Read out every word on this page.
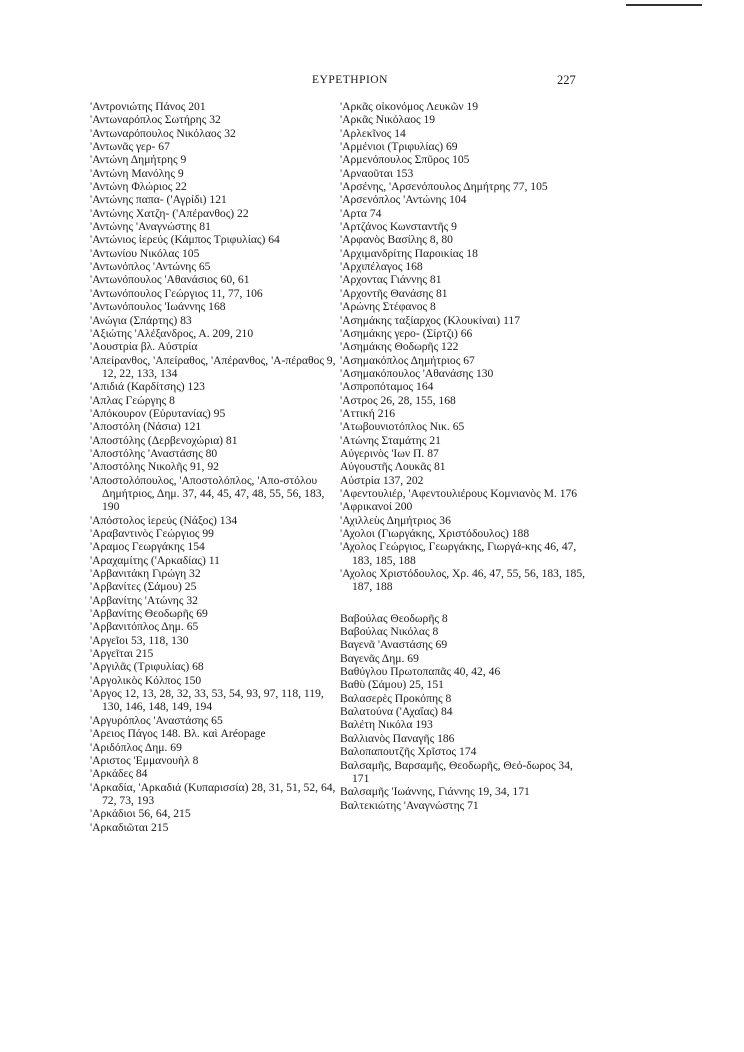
ΕΥΡΕΤΗΡΙΟΝ	227
'Αντρονιώτης Πάνος 201
'Αντωναρόπλος Σωτήρης 32
'Αντωναρόπουλος Νικόλαος 32
'Αντωνᾶς γερ- 67
'Αντώνη Δημήτρης 9
'Αντώνη Μανόλης 9
'Αντώνη Φλώριος 22
'Αντώνης παπα- ('Αγρίδι) 121
'Αντώνης Χατζη- ('Απέρανθος) 22
'Αντώνης 'Αναγνώστης 81
'Αντώνιος ἱερεύς (Κάμπος Τριφυλίας) 64
'Αντωνίου Νικόλας 105
'Αντωνόπλος 'Αντώνης 65
'Αντωνόπουλος 'Αθανάσιος 60, 61
'Αντωνόπουλος Γεώργιος 11, 77, 106
'Αντωνόπουλος 'Ιωάννης 168
'Ανώγια (Σπάρτης) 83
'Αξιώτης 'Αλέξανδρος, Α. 209, 210
'Αουστρία βλ. Αὐστρία
'Απείρανθος, 'Απείραθος, 'Απέρανθος, 'Α-πέραθος 9, 12, 22, 133, 134
'Απιδιά (Καρδίτσης) 123
'Απλας Γεώργης 8
'Απόκουρον (Εὐρυτανίας) 95
'Αποστόλη (Νάσια) 121
'Αποστόλης (Δερβενοχώρια) 81
'Αποστόλης 'Αναστάσης 80
'Αποστόλης Νικολῆς 91, 92
'Αποστολόπουλος, 'Αποστολόπλος, 'Απο-στόλου Δημήτριος, Δημ. 37, 44, 45, 47, 48, 55, 56, 183, 190
'Απόστολος ἱερεύς (Νάξος) 134
'Αραβαντινὸς Γεώργιος 99
'Αραμος Γεωργάκης 154
'Αραχαμίτης ('Αρκαδίας) 11
'Αρβανιτάκη Γιρώγη 32
'Αρβανίτες (Σάμου) 25
'Αρβανίτης 'Ατώνης 32
'Αρβανίτης Θεοδωρῆς 69
'Αρβανιτόπλος Δημ. 65
'Αργεῖοι 53, 118, 130
'Αργεῖται 215
'Αργιλᾶς (Τριφυλίας) 68
'Αργολικὸς Κόλπος 150
'Αργος 12, 13, 28, 32, 33, 53, 54, 93, 97, 118, 119, 130, 146, 148, 149, 194
'Αργυρόπλος 'Αναστάσης 65
'Αρειος Πάγος 148. Βλ. καὶ Aréopage
'Αριδόπλος Δημ. 69
'Αριστος 'Εμμανουὴλ 8
'Αρκάδες 84
'Αρκαδία, 'Αρκαδιά (Κυπαρισσία) 28, 31, 51, 52, 64, 72, 73, 193
'Αρκάδιοι 56, 64, 215
'Αρκαδιῶται 215
'Αρκᾶς οἰκονόμος Λευκῶν 19
'Αρκᾶς Νικόλαος 19
'Αρλεκῖνος 14
'Αρμένιοι (Τριφυλίας) 69
'Αρμενόπουλος Σπῦρος 105
'Αρναοῦται 153
'Αρσένης, 'Αρσενόπουλος Δημήτρης 77, 105
'Αρσενόπλος 'Αντώνης 104
'Αρτα 74
'Αρτζάνος Κωνσταντῆς 9
'Αρφανὸς Βασίλης 8, 80
'Αρχιμανδρίτης Παροικίας 18
'Αρχιπέλαγος 168
'Αρχοντας Γιάννης 81
'Αρχοντῆς Θανάσης 81
'Αρώνης Στέφανος 8
'Ασημάκης ταξίαρχος (Κλουκίναι) 117
'Ασημάκης γερο- (Σίρτζι) 66
'Ασημάκης Θοδωρῆς 122
'Ασημακόπλος Δημήτριος 67
'Ασημακόπουλος 'Αθανάσης 130
'Ασπροπόταμος 164
'Αστρος 26, 28, 155, 168
'Αττική 216
'Ατωβουνιοτόπλος Νικ. 65
'Ατώνης Σταμάτης 21
Αὐγερινὸς 'Ιων Π. 87
Αὐγουστῆς Λουκᾶς 81
Αὐστρία 137, 202
'Αφεντουλιέρ, 'Αφεντουλιέρους Κομνιανὸς Μ. 176
'Αφρικανοί 200
'Αχιλλεὺς Δημήτριος 36
'Αχολοι (Γιωργάκης, Χριστόδουλος) 188
'Αχολος Γεώργιος, Γεωργάκης, Γιωργά-κης 46, 47, 183, 185, 188
'Αχολος Χριστόδουλος, Χρ. 46, 47, 55, 56, 183, 185, 187, 188
Βαβούλας Θεοδωρῆς 8
Βαβούλας Νικόλας 8
Βαγενᾶ 'Αναστάσης 69
Βαγενᾶς Δημ. 69
Βαθύγλου Πρωτοπαπᾶς 40, 42, 46
Βαθὺ (Σάμου) 25, 151
Βαλασερὲς Προκόπης 8
Βαλατούνα ('Αχαΐας) 84
Βαλέτη Νικόλα 193
Βαλλιανὸς Παναγῆς 186
Βαλοπαπουτζῆς Χρῖστος 174
Βαλσαμῆς, Βαρσαμῆς, Θεοδωρῆς, Θεό-δωρος 34, 171
Βαλσαμῆς 'Ιωάννης, Γιάννης 19, 34, 171
Βαλτεκιώτης 'Αναγνώστης 71
